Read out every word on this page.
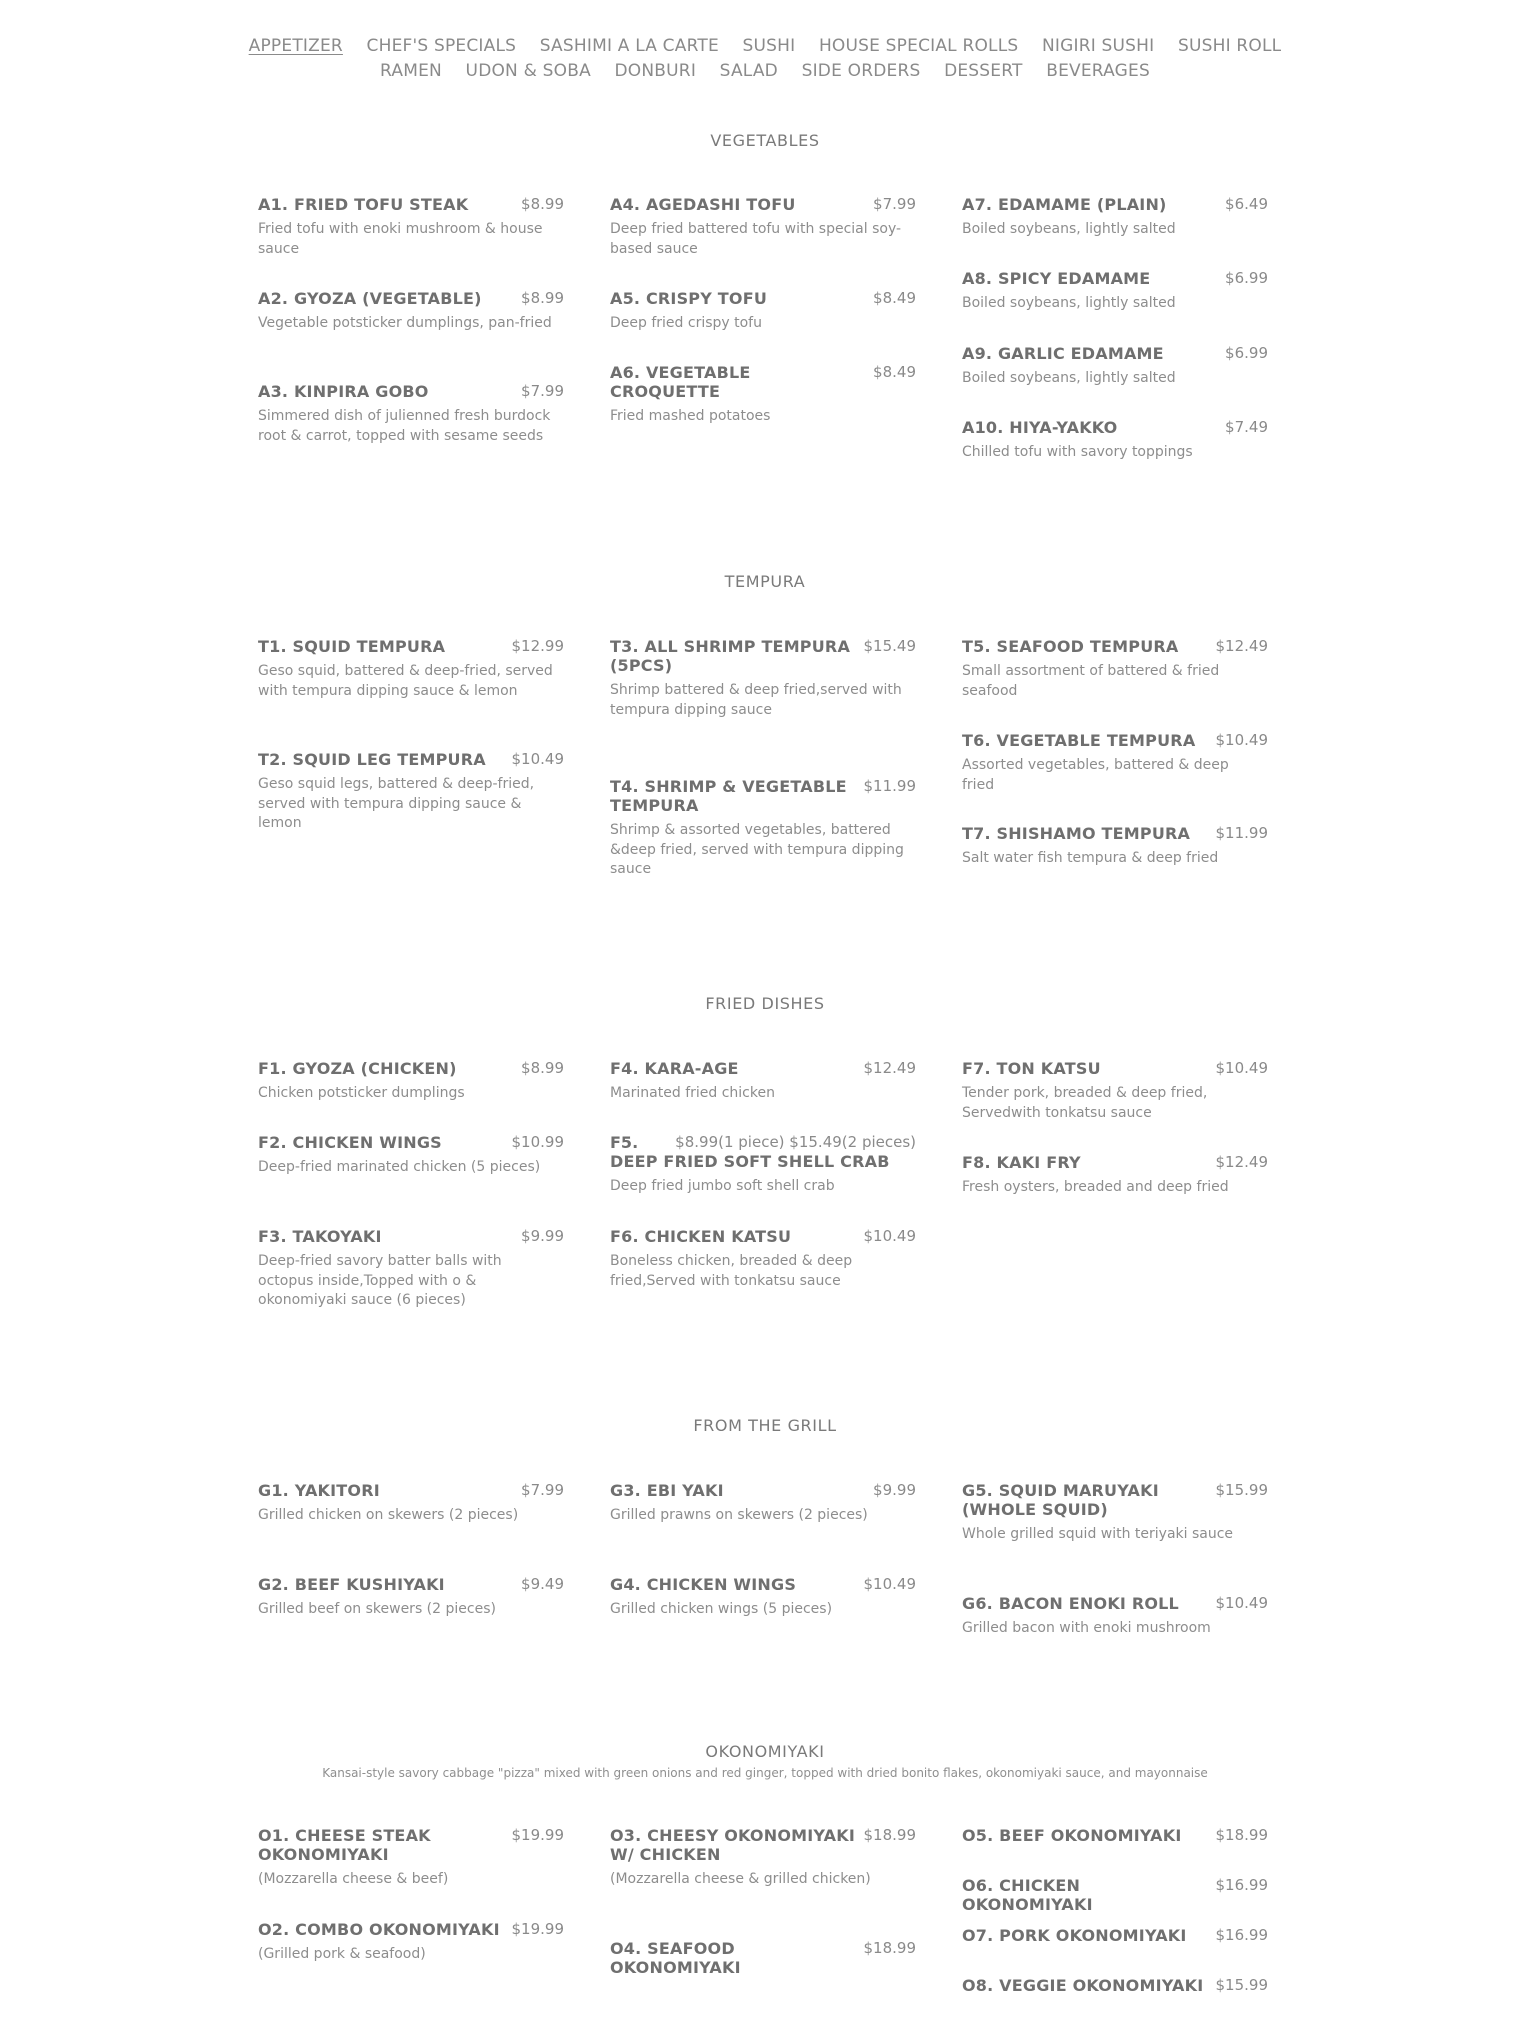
APPETIZER CHEF'S SPECIALS SASHIMI A LA CARTE SUSHI HOUSE SPECIAL ROLLS NIGIRI SUSHI SUSHI ROLL
RAMEN UDON & SOBA DONBURI SALAD SIDE ORDERS DESSERT BEVERAGES
VEGETABLES
A1. FRIED TOFU STEAK	$8.99
Fried tofu with enoki mushroom & house sauce
A2. GYOZA (VEGETABLE)	$8.99
Vegetable potsticker dumplings, pan-fried
A3. KINPIRA GOBO	$7.99
Simmered dish of julienned fresh burdock root & carrot, topped with sesame seeds
A4. AGEDASHI TOFU	$7.99
Deep fried battered tofu with special soy-based sauce
A5. CRISPY TOFU	$8.49
Deep fried crispy tofu
A6. VEGETABLE CROQUETTE
$8.49
Fried mashed potatoes
A7. EDAMAME (PLAIN)	$6.49
Boiled soybeans, lightly salted
A8. SPICY EDAMAME	$6.99
Boiled soybeans, lightly salted
A9. GARLIC EDAMAME	$6.99
Boiled soybeans, lightly salted
A10. HIYA-YAKKO	$7.49
Chilled tofu with savory toppings
TEMPURA
T1. SQUID TEMPURA	$12.99
Geso squid, battered & deep-fried, served with tempura dipping sauce & lemon
T2. SQUID LEG TEMPURA	$10.49
Geso squid legs, battered & deep-fried, served with tempura dipping sauce & lemon
T3. ALL SHRIMP TEMPURA (5PCS)
$15.49
Shrimp battered & deep fried,served with tempura dipping sauce
T4. SHRIMP & VEGETABLE TEMPURA
$11.99
Shrimp & assorted vegetables, battered &deep fried, served with tempura dipping sauce
T5. SEAFOOD TEMPURA	$12.49
Small assortment of battered & fried seafood
T6. VEGETABLE TEMPURA	$10.49
Assorted vegetables, battered & deep fried
T7. SHISHAMO TEMPURA	$11.99
Salt water fish tempura & deep fried
FRIED DISHES
F1. GYOZA (CHICKEN)	$8.99
Chicken potsticker dumplings
F2. CHICKEN WINGS	$10.99
Deep-fried marinated chicken (5 pieces)
F3. TAKOYAKI	$9.99
Deep-fried savory batter balls with octopus inside,Topped with o & okonomiyaki sauce (6 pieces)
F4. KARA-AGE	$12.49
Marinated fried chicken
F5.
DEEP FRIED SOFT SHELL CRAB
$8.99(1 piece) $15.49(2 pieces)
Deep fried jumbo soft shell crab
F6. CHICKEN KATSU	$10.49
Boneless chicken, breaded & deep fried,Served with tonkatsu sauce
F7. TON KATSU	$10.49
Tender pork, breaded & deep fried, Servedwith tonkatsu sauce
F8. KAKI FRY	$12.49
Fresh oysters, breaded and deep fried
FROM THE GRILL
G1. YAKITORI	$7.99
Grilled chicken on skewers (2 pieces)
G2. BEEF KUSHIYAKI	$9.49
Grilled beef on skewers (2 pieces)
G3. EBI YAKI	$9.99
Grilled prawns on skewers (2 pieces)
G4. CHICKEN WINGS	$10.49
Grilled chicken wings (5 pieces)
G5. SQUID MARUYAKI (WHOLE SQUID)
$15.99
Whole grilled squid with teriyaki sauce
G6. BACON ENOKI ROLL	$10.49
Grilled bacon with enoki mushroom
OKONOMIYAKI
Kansai-style savory cabbage "pizza" mixed with green onions and red ginger, topped with dried bonito flakes, okonomiyaki sauce, and mayonnaise
O1. CHEESE STEAK OKONOMIYAKI
$19.99
(Mozzarella cheese & beef)
O2. COMBO OKONOMIYAKI $19.99
(Grilled pork & seafood)
O3. CHEESY OKONOMIYAKI W/ CHICKEN
$18.99
(Mozzarella cheese & grilled chicken)
O4. SEAFOOD OKONOMIYAKI
$18.99
O5. BEEF OKONOMIYAKI	$18.99
O6. CHICKEN OKONOMIYAKI
$16.99
O7. PORK OKONOMIYAKI	$16.99
O8. VEGGIE OKONOMIYAKI $15.99
